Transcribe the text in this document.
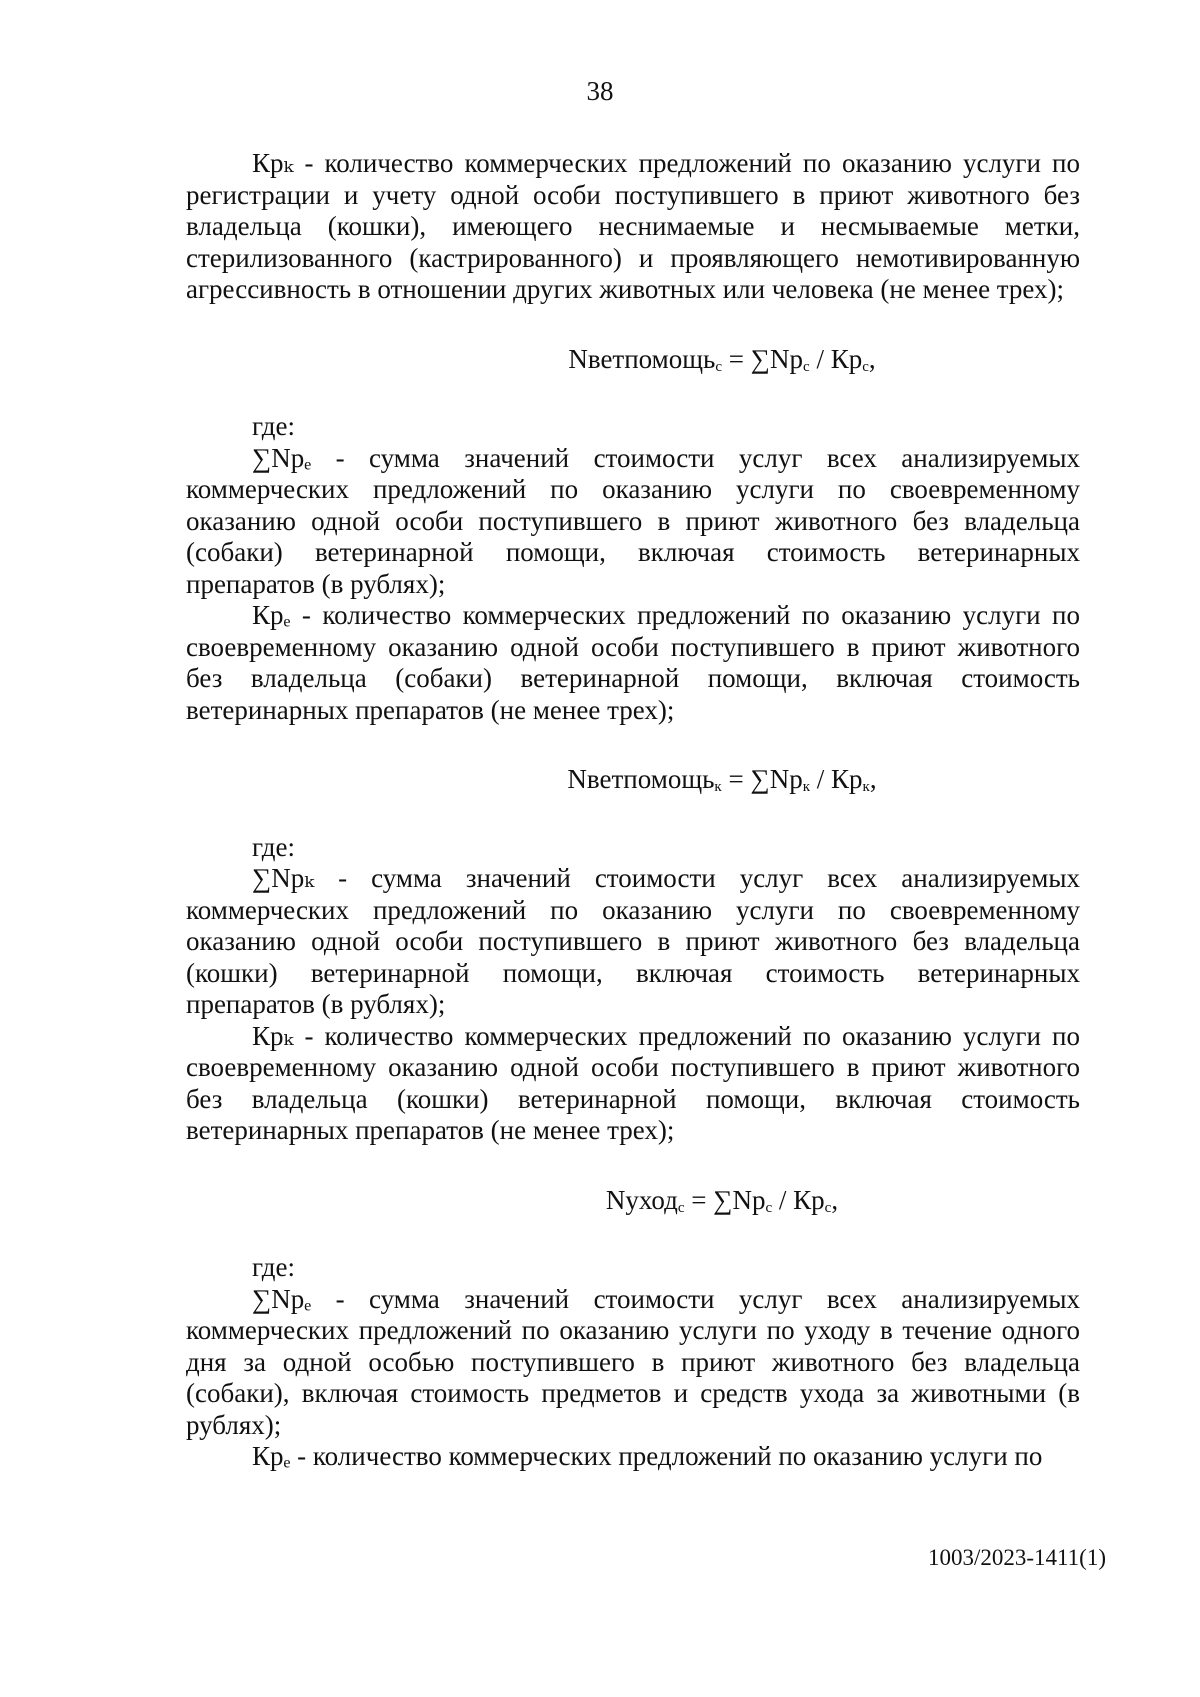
38

Крₖ - количество коммерческих предложений по оказанию услуги по регистрации и учету одной особи поступившего в приют животного без владельца (кошки), имеющего неснимаемые и несмываемые метки, стерилизованного (кастрированного) и проявляющего немотивированную агрессивность в отношении других животных или человека (не менее трех);

Nветпомощь$_с$ = $\sum Nр_с / Кр_с$,

где:

∑Nрₑ - сумма значений стоимости услуг всех анализируемых коммерческих предложений по оказанию услуги по своевременному оказанию одной особи поступившего в приют животного без владельца (собаки) ветеринарной помощи, включая стоимость ветеринарных препаратов (в рублях);

Крₑ - количество коммерческих предложений по оказанию услуги по своевременному оказанию одной особи поступившего в приют животного без владельца (собаки) ветеринарной помощи, включая стоимость ветеринарных препаратов (не менее трех);

Nветпомощь$_к$ = $\sum Nр_к / Кр_к$,

где:

∑Nрₖ - сумма значений стоимости услуг всех анализируемых коммерческих предложений по оказанию услуги по своевременному оказанию одной особи поступившего в приют животного без владельца (кошки) ветеринарной помощи, включая стоимость ветеринарных препаратов (в рублях);

Крₖ - количество коммерческих предложений по оказанию услуги по своевременному оказанию одной особи поступившего в приют животного без владельца (кошки) ветеринарной помощи, включая стоимость ветеринарных препаратов (не менее трех);

Nуход$_с$ = $\sum Nр_с / Кр_с$,

где:

∑Nрₑ - сумма значений стоимости услуг всех анализируемых коммерческих предложений по оказанию услуги по уходу в течение одного дня за одной особью поступившего в приют животного без владельца (собаки), включая стоимость предметов и средств ухода за животными (в рублях);

Крₑ - количество коммерческих предложений по оказанию услуги по

1003/2023-1411(1)
